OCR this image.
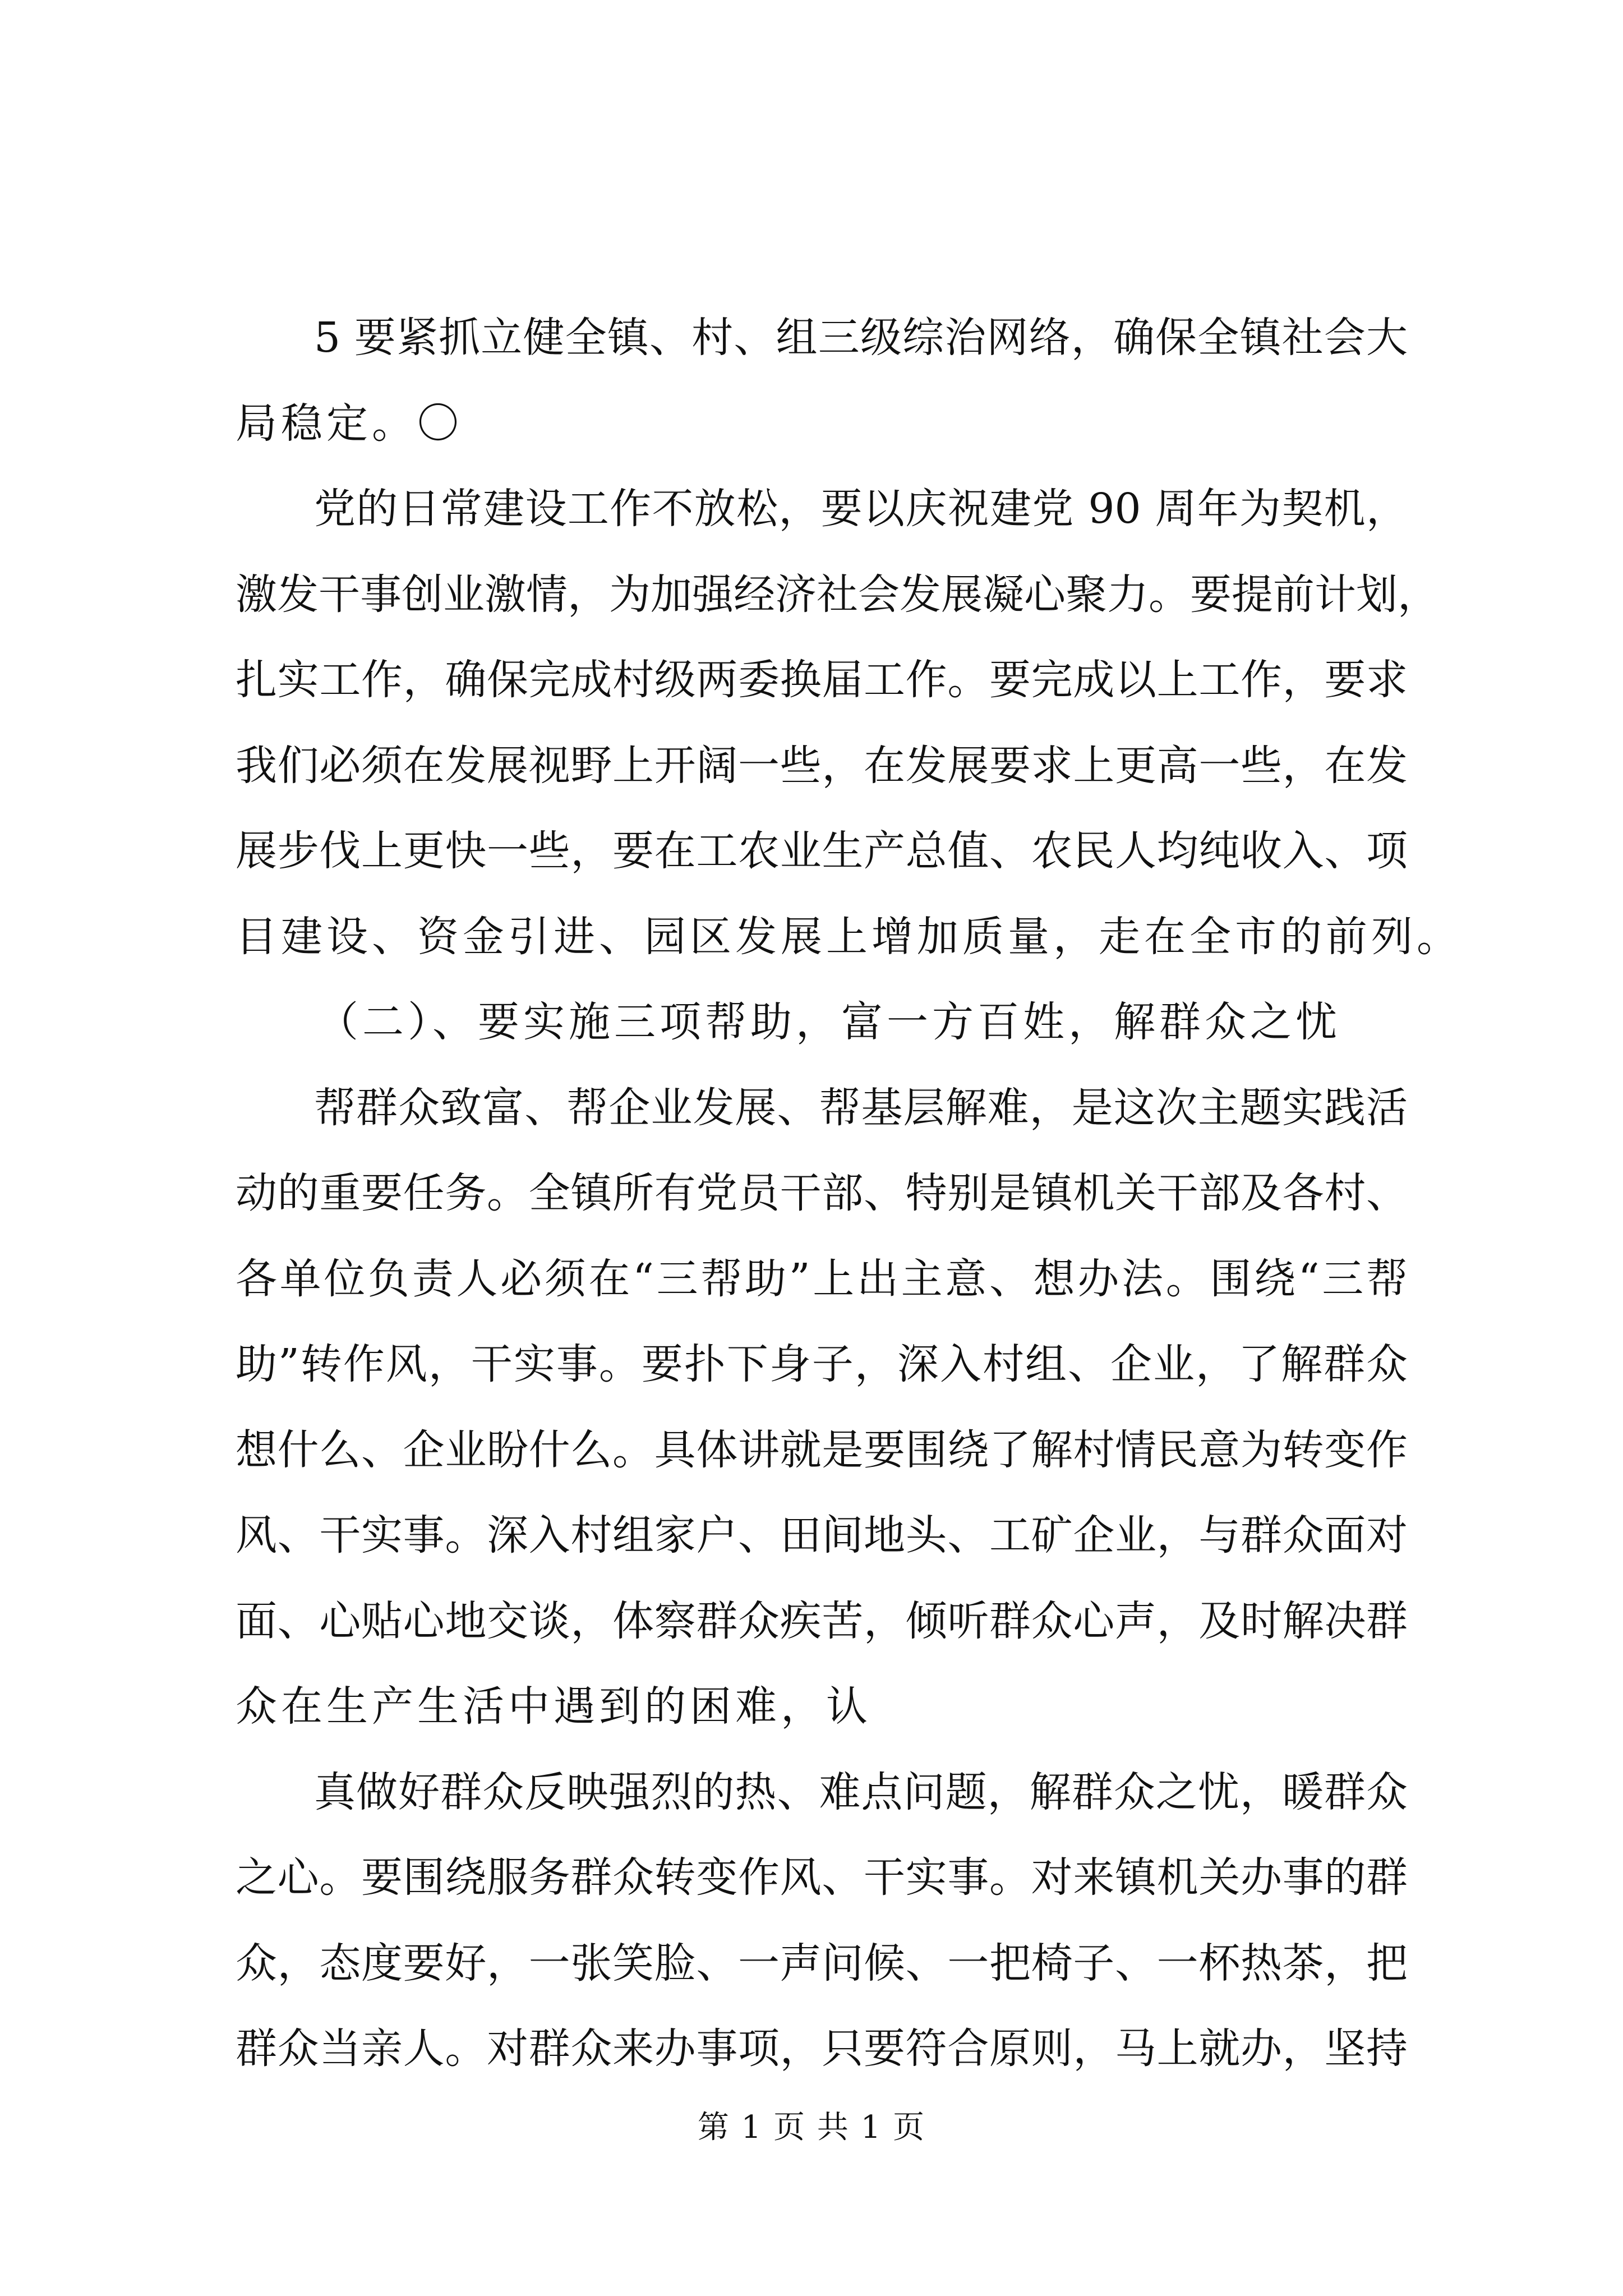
5 要紧抓立健全镇、村、组三级综治网络，确保全镇社会大
局稳定。〇
党的日常建设工作不放松，要以庆祝建党 90 周年为契机，
激发干事创业激情，为加强经济社会发展凝心聚力。要提前计划，
扎实工作，确保完成村级两委换届工作。要完成以上工作，要求
我们必须在发展视野上开阔一些，在发展要求上更高一些，在发
展步伐上更快一些，要在工农业生产总值、农民人均纯收入、项
目建设、资金引进、园区发展上增加质量，走在全市的前列。
（二）、要实施三项帮助，富一方百姓，解群众之忧
帮群众致富、帮企业发展、帮基层解难，是这次主题实践活
动的重要任务。全镇所有党员干部、特别是镇机关干部及各村、
各单位负责人必须在“三帮助”上出主意、想办法。围绕“三帮
助”转作风，干实事。要扑下身子，深入村组、企业，了解群众
想什么、企业盼什么。具体讲就是要围绕了解村情民意为转变作
风、干实事。深入村组家户、田间地头、工矿企业，与群众面对
面、心贴心地交谈，体察群众疾苦，倾听群众心声，及时解决群
众在生产生活中遇到的困难，认
真做好群众反映强烈的热、难点问题，解群众之忧，暖群众
之心。要围绕服务群众转变作风、干实事。对来镇机关办事的群
众，态度要好，一张笑脸、一声问候、一把椅子、一杯热茶，把
群众当亲人。对群众来办事项，只要符合原则，马上就办，坚持
第 1 页 共 1 页
